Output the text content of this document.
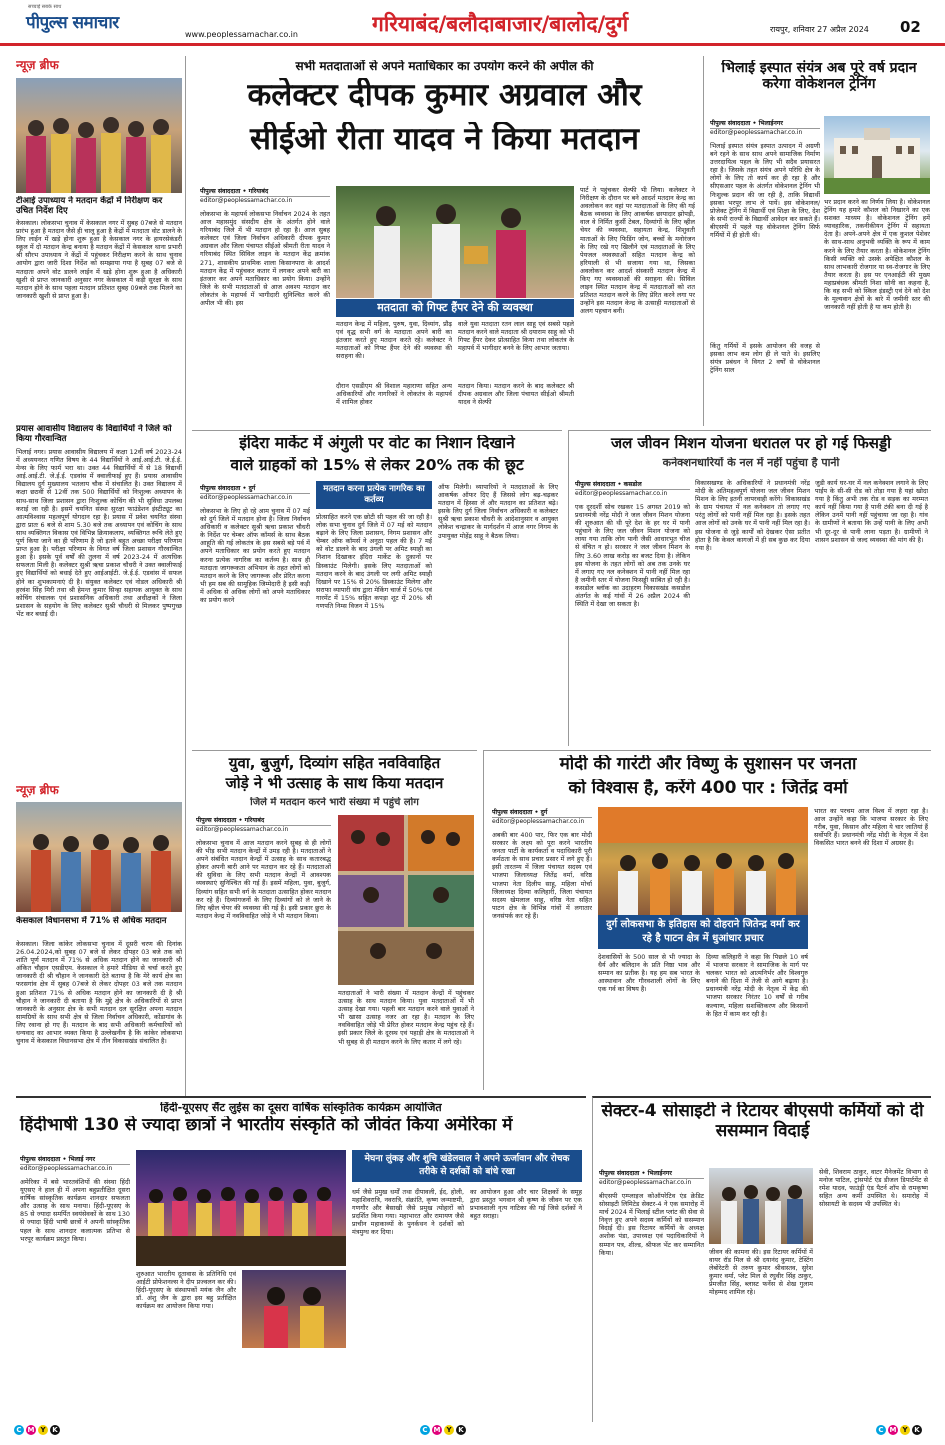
सच्चाई सबके साथ
पीपुल्स समाचार
www.peoplessamachar.co.in	गरियाबंद/बलौदाबाजार/बालोद/दुर्ग	रायपुर, शनिवार 27 अप्रैल 2024	02
न्यूज़ ब्रीफ
टीआई उपाध्याय ने मतदान केंद्रों में निरीक्षण कर उचित निर्देश दिए
केसकाल। लोकसभा चुनाव में केसकाल नगर में सुबह 07बजे से मतदान प्रारंभ हुआ है मतदान जैसे ही चालू हुआ है केंद्रों में मतदाता वोट डालने के लिए लाईन में खड़े होना शुरू हुआ है केसकाल नगर के हायरसेकंडरी स्कूल में दो मतदान केन्द्र बनाया है मतदान केंद्रों में केसकाल थाना प्रभारी श्री सौरभ उपाध्याय ने केंद्रों में पहुंचकर निरीक्षण करने के साथ चुनाव आयोग द्वारा जारी दिशा निर्देश को समझाया गया है सुबह 07 बजे से मतदाता अपने वोट डालने लाईन में खड़े होना शुरू हुआ है अधिकारी खुशी से प्राप्त जानकारी अनुसार नगर केसकाल में कड़ी सुरक्षा के साथ मतदान होने के साथ पहला मतदान प्रतिशत सुबह 09बजे तक मिलने का जानकारी खुशी से प्राप्त हुआ है।
प्रयास आवासीय विद्यालय के विद्यार्थियों ने जिले को किया गौरवान्वित
भिलाई नगर। प्रयास आवासीय विद्यालय में कक्षा 12वीं वर्ष 2023-24 में अध्ययनरत गणित विषय के 44 विद्यार्थियों ने आई.आई.टी. जे.ई.ई. मेन्स के लिए फार्म भरा था। उक्त 44 विद्यार्थियों में से 18 विद्यार्थी आई.आई.टी. जे.ई.ई. एडवांस में क्वालीफाई हुए हैं। प्रयास आवासीय विद्यालय दुर्ग मुख्यालय भतलाय चौक में संचालित है। उक्त विद्यालय में कक्षा छठवीं से 12वीं तक 500 विद्यार्थियों को निःशुल्क अध्यापन के साथ-साथ जिला प्रशासन द्वारा निःशुल्क कोचिंग की भी सुविधा उपलब्ध कराई जा रही है। इसमें चयनित संस्था सुरक्षा फाउंडेशन इंस्टीट्यूट का आत्मविश्वास महत्वपूर्ण योगदान रहा है। प्रयास में प्रवेश चयनित संस्था द्वारा प्रातः 6 बजे से शाम 5.30 बजे तक अध्यापन एवं कोचिंग के साथ साथ व्यक्तिगत विकास एवं विभिन्न क्रियाकलाप, व्यक्तिगत रूचि लेते हुए पूर्ण किया जाने का ही परिणाम है जो इतने बहुत अच्छा परीक्षा परिणाम प्राप्त हुआ है। परीक्षा परिणाम के विगत वर्ष जिला प्रशासन गौरवान्वित हुआ है। इसके पूर्व वर्षों की तुलना में वर्ष 2023-24 में अत्यधिक सफलता मिली है। कलेक्टर सुश्री ऋचा प्रकाश चौधरी ने उक्त क्वालीफाई हुए विद्यार्थियों को बधाई देते हुए आईआईटी. जे.ई.ई. एडवांस में सफल होने का शुभकामनाएं दी है। संयुक्त कलेक्टर एवं नोडल अधिकारी श्री हरवंश सिंह मिरी तथा श्री हेमन्त कुमार सिन्हा सहायक आयुक्त के साथ कोचिंग संचालक एवं प्रशासनिक अधिकारी तथा अधीक्षकों ने जिला प्रशासन के सहयोग के लिए कलेक्टर सुश्री चौधरी से मिलकर पुष्पगुच्छ भेंट कर बधाई दी।
न्यूज़ ब्रीफ
केसकाल विधानसभा में 71% से अधिक मतदान
केसकाल। जिला कांकेर लोकसभा चुनाव में दूसरी चरण की दिनांक 26.04.2024,को सुबह 07 बजे से लेकर दोपहर 03 बजे तक को शांति पूर्ण मतदान में 71% से अधिक मतदान होने का जानकारी श्री अंकित चौहान एसडीएम. केसकाल ने हमारे मीडिया से चर्चा करते हुए जानकारी दी श्री चौहान ने जानकारी देते बताया है कि मेरे कार्य क्षेत्र का फरसगांव क्षेत्र में सुबह 07बजे से लेकर दोपहर 03 बजे तक मतदान हुआ प्रतिशत 71% से अधिक मतदान होने का जानकारी दी है श्री चौहान ने जानकारी दी बताया है कि मुद्दे क्षेत्र के अधिकारियों से प्राप्त जानकारी के अनुसार क्षेत्र के सभी मतदान दल सुरक्षित अपना मतदान सामग्रियों के साथ सभी क्षेत्र से जिला निर्वाचन अधिकारी, कोंडागांव के लिए रवाना हो गए हैं। मतदान के बाद सभी अधिकारी कर्मचारियों को धन्यवाद का आभार व्यक्त किया है उल्लेखनीय है कि कांकेर लोकसभा चुनाव में केसकाल विधानसभा क्षेत्र में तीन विकासखंड संचालित है।
सभी मतदाताओं से अपने मताधिकार का उपयोग करने की अपील की
कलेक्टर दीपक कुमार अग्रवाल और
सीईओ रीता यादव ने किया मतदान
पीपुल्स संवाददाता • गरियाबंद
editor@peoplessamachar.co.in
लोकसभा के महापर्व लोकसभा निर्वाचन 2024 के तहत आज महासमुंद संसदीय क्षेत्र के अंतर्गत होने वाले गरियाबंद जिले में भी मतदान हो रहा है। आज सुबह कलेक्टर एवं जिला निर्वाचन अधिकारी दीपक कुमार अग्रवाल और जिला पंचायत सीईओ श्रीमती रीता यादव ने गरियाबंद स्थित सिविल लाइन के मतदान केंद्र क्रमांक 271, शासकीय प्राथमिक शाला किसानपारा के आदर्श मतदान केंद्र में पहुंचकर कतार में लगकर अपने बारी का इंतजार कर अपने मताधिकार का प्रयोग किया। उन्होंने जिले के सभी मतदाताओं से आज अवश्य मतदान कर लोकतंत्र के महापर्व में भागीदारी सुनिश्चित करने की अपील भी की। इस	मतदाता को गिफ्ट हैंपर देने की व्यवस्था
मतदान केन्द्र में महिला, पुरुष, युवा, दिव्यांग, प्रौढ़ एवं वृद्ध सभी वर्ग के मतदाता अपने बारी का इंतजार करते हुए मतदान करते रहे। कलेक्टर ने मतदाताओं को गिफ्ट हैंपर देने की व्यवस्था की सराहना की।
वाले युवा मतदाता रतन लाल साहू एवं सबसे पहले मतदान करने वाले मतदाता श्री दयाराम साहू को भी गिफ्ट हैंपर देकर प्रोत्साहित किया तथा लोकतंत्र के महापर्व में भागीदार बनने के लिए आभार जताया।
दौरान एसडीएम श्री विशाल महाराणा सहित अन्य अधिकारियों और नागरिकों ने लोकतंत्र के महापर्व में शामिल होकर
मतदान किया। मतदान करने के बाद कलेक्टर श्री दीपक अग्रवाल और जिला पंचायत सीईओ श्रीमती यादव ने सेल्फी
पार्ट ने पहुंचकर सेल्फी भी लिया। कलेक्टर ने निरीक्षण के दौरान पर बने आदर्श मतदान केन्द्र का अवलोकन कर वहां पर मतदाताओं के लिए की गई बैठक व्यवस्था के लिए आकर्षक छायादार झोपड़ी, वाल वे निर्मित कुर्सी टेबल, दिव्यांगों के लिए व्हील चेयर की व्यवस्था, सहायता केन्द्र, शिशुवती माताओं के लिए फिडिंग जोन, बच्चों के मनोरंजन के लिए रखे गए खिलौने एवं मतदाताओं के लिए पेयजल व्यवस्थाओं सहित मतदान केन्द्र को हरियाली से भी सजाया गया था, जिसका अवलोकन कर आदर्श संस्कारी मतदान केन्द्र में किए गए व्यवस्थाओं की सराहना की। सिविल लाइन स्थित मतदान केन्द्र में मतदाताओं को शत प्रतिशत मतदान करने के लिए प्रेरित करने लगा पर उन्होंने इस मतदान केन्द्र के उत्साही मतदाताओं से अलग पहचान बनी।
भिलाई इस्पात संयंत्र अब पूरे वर्ष प्रदान करेगा वोकेशनल ट्रेनिंग
पीपुल्स संवाददाता • भिलाईनगर
editor@peoplessamachar.co.in
भिलाई इस्पात संयंत्र इस्पात उत्पादन में अग्रणी बने रहने के साथ साथ अपने सामाजिक निर्माण उत्तरदायित्व पहल के लिए भी सदैव प्रयासरत रहा है। जिसके तहत संयंत्र अपने परिधि क्षेत्र के लोगों के लिए तो कार्य कर ही रहा है और सीएसआर पहल के अंतर्गत वोकेशनल ट्रेनिंग भी निःशुल्क प्रदान की जा रही है, ताकि विद्यार्थी इसका भरपूर लाभ ले पायें। इस वोकेशनल/प्रोजेक्ट ट्रेनिंग में विद्यार्थी एवं शिक्षा के लिए, देश के सभी राज्यों के विद्यार्थी आवेदन कर सकते हैं। बीएसपी में पहले यह वोकेशनल ट्रेनिंग सिर्फ गर्मियों में ही होती थी।
किंतु गर्मियों में इसके आयोजन की वजह से इसका लाभ कम लोग ही ले पाते थे। इसलिए संयंत्र प्रबंधन ने विगत 2 वर्षों से वोकेशनल ट्रेनिंग साल
भर प्रदान करने का निर्णय लिया है। वोकेशनल ट्रेनिंग यह हमारे कौशल को निखारने का एक सशक्त माध्यम है। वोकेशनल ट्रेनिंग हमें व्यावहारिक, तकनीकीयन ट्रेनिंग में सहायता देता है। अपने-अपने क्षेत्र में एक कुशल पेशेवर के साथ-साथ अनुभवी व्यक्ति के रूप में काम करने के लिए तैयार करता है। वोकेशनल ट्रेनिंग किसी व्यक्ति को उसके अपेक्षित कौशल के साथ लाभकारी रोजगार या स्व-रोजगार के लिए तैयार करता है। इस पर एनआईटी की मुख्य महाप्रबंधक श्रीमती निशा सोनी का कहना है, कि वह सभी को स्किल इंडस्ट्री एवं देने को देश के मूल्यवान क्षेत्रों के बारे में जमीनी स्तर की जानकारी नहीं होती है या कम होती है।
इंदिरा मार्केट में अंगुली पर वोट का निशान दिखाने
वाले ग्राहकों को 15% से लेकर 20% तक की छूट
पीपुल्स संवाददाता • दुर्ग
editor@peoplessamachar.co.in
मतदान करना प्रत्येक नागरिक का कर्तव्य
लोकसभा के लिए हो रहे आम चुनाव में 07 मई को दुर्ग जिले में मतदान होना है। जिला निर्वाचन अधिकारी व कलेक्टर सुश्री ऋचा प्रकाश चौधरी के निर्देश पर चेम्बर ऑफ कॉमर्स के साथ बैठक आहूति की गई लोकतंत्र के इस सबसे बड़े पर्व में अपने मताधिकार का प्रयोग करते हुए मतदान करना प्रत्येक नागरिक का कर्तव्य है। साथ ही मतदाता जागरूकता अभियान के तहत लोगों को मतदान करने के लिए जागरूक और प्रेरित करना भी हम सब की सामूहिक जिम्मेदारी है इसी कड़ी में अधिक से अधिक लोगों को अपने मताधिकार का प्रयोग करने
प्रोत्साहित करने एक छोटी सी पहल की जा रही है। लोक सभा चुनाव दुर्ग जिले में 07 मई को मतदान बढ़ाने के लिए जिला प्रशासन, निगम प्रशासन और चेम्बर ऑफ कॉमर्स ने अनूठा पहल की है। 7 मई को वोट डालने के बाद उंगली पर अमिट स्याही का निशान दिखाकर इंदिरा मार्केट के दुकानों पर डिस्काउंट मिलेगी। इसके लिए मतदाताओं को मतदान करने के बाद उंगली पर लगी अमिट स्याही दिखाने पर 15% से 20% डिस्काउंट मिलेगा और सराफा व्यापारी संघ द्वारा मेकिंग चार्ज में 50% एवं गारमेंट में 15% सहित कपड़ा शूट में 20% श्री गणपति निम्स विजन में 15%
ऑफ मिलेगी। व्यापारियों ने मतदाताओं के लिए आकर्षक ऑफर दिए हैं जिससे लोग बढ़-चढ़कर मतदान में हिस्सा लें और मतदान का प्रतिशत बढ़े। इसके लिए दुर्ग जिला निर्वाचन अधिकारी व कलेक्टर सुश्री ऋचा प्रकाश चौधरी के आदेशानुसार व आयुक्त लोकेश चन्द्राकर के मार्गदर्शन में आज नगर निगम के उपायुक्त मोहेंद्र साहू ने बैठक लिया।
जल जीवन मिशन योजना धरातल पर हो गई फिसड्डी
कनेक्शनधारियों के नल में नहीं पहुंचा है पानी
पीपुल्स संवाददाता • कसडोल
editor@peoplessamachar.co.in
एक दूरदर्शी सोच रखकर 15 अगस्त 2019 को प्रधानमंत्री नरेंद्र मोदी ने जल जीवन मिशन योजना की शुरुआत की थी पूरे देश के हर घर में पानी पहुंचाने के लिए जल जीवन मिशन योजना को लाया गया ताकि लोग पानी जैसी आधारभूत चीज से वंचित न हो। सरकार ने जल जीवन मिशन के लिए 3.60 लाख करोड़ का बजट दिया है। लेकिन इस योजना के तहत लोगों को अब तक उनके घर में लगाए गए नल कनेक्शन में पानी नहीं मिल रहा है जमीनी स्तर में योजना फिसड्डी साबित हो रही है। कसडोल ब्लॉक का उदाहरण विकासखंड कसडोल अंतर्गत के कई गांवों में 26 अप्रैल 2024 की स्थिति में देखा जा सकता है।
विकासखण्ड के अधिकारियों ने प्रधानमंत्री नरेंद्र मोदी के अतिमहत्वपूर्ण योजना जल जीवन मिशन मिशन के लिए इतनी लापरवाही करेंगे। विकासखंड के ग्राम पंचायत में नल कनेक्शन तो लगाए गए परंतु लोगों को पानी नहीं मिल रहा है। इसके तहत आज लोगों को उनके घर में पानी नहीं मिल रहा है। इस योजना से जुड़े कार्यों को देखकर ऐसा प्रतीत होता है कि केवल कागजों में ही सब कुछ कर दिया गया है।
जुडी कार्य घर-घर में नल कनेक्शन लगाने के लिए पाईप के सी-सी रोड को तोड़ा गया है यहां खोदा गया है किंतु अभी तक रोड व सड़क का मरम्मत कार्य नहीं किया गया है पानी टंकी बना दी गई है लेकिन उनमें पानी नहीं पहुंचाया जा रहा है। गांव के ग्रामीणों ने बताया कि उन्हें पानी के लिए अभी भी दूर-दूर से पानी लाना पड़ता है। ग्रामीणों ने शासन प्रशासन से जल्द व्यवस्था की मांग की है।
युवा, बुजुर्ग, दिव्यांग सहित नवविवाहित
जोड़े ने भी उत्साह के साथ किया मतदान
जिले में मतदान करने भारी संख्या में पहुंचे लोग
पीपुल्स संवाददाता • गरियाबंद
editor@peoplessamachar.co.in
लोकसभा चुनाव में आज मतदान करने सुबह से ही लोगों की भीड़ सभी मतदान केन्द्रों में उमड़ रही है। मतदाताओं ने अपने संबंधित मतदान केन्द्रों में उत्साह के साथ कतारबद्ध होकर अपनी बारी आने पर मतदान कर रहे हैं। मतदाताओं की सुविधा के लिए सभी मतदान केन्द्रों में आवश्यक व्यवस्थाएं सुनिश्चित की गई हैं। इसमें महिला, युवा, बुजुर्ग, दिव्यांग सहित सभी वर्ग के मतदाता उत्साहित होकर मतदान कर रहे हैं। दिव्यांगजनों के लिए दिव्यांगों को ले जाने के लिए व्हील चेयर की व्यवस्था की गई है। इसी प्रकार छुरा के मतदान केन्द्र में नवविवाहित जोड़े ने भी मतदान किया।
मतदाताओं ने भारी संख्या में मतदान केन्द्रों में पहुंचकर उत्साह के साथ मतदान किया। युवा मतदाताओं में भी उत्साह देखा गया। पहली बार मतदान करने वाले युवाओं ने भी खासा उत्साह नजर आ रहा है। मतदान के लिए नवविवाहित जोड़े भी प्रेरित होकर मतदान केन्द्र पहुंच रहे हैं। इसी प्रकार जिले के दूरस्थ एवं पहाड़ी क्षेत्र के मतदाताओं ने भी सुबह से ही मतदान करने के लिए कतार में लगे रहे।
मोदी की गारंटी और विष्णु के सुशासन पर जनता
को विश्वास है, करेंगे 400 पार : जितेंद्र वर्मा
पीपुल्स संवाददाता • दुर्ग
editor@peoplessamachar.co.in
अबकी बार 400 पार, फिर एक बार मोदी सरकार के लक्ष्य को पूरा करने भारतीय जनता पार्टी के कार्यकर्ता व पदाधिकारी पूरी कर्मठता के साथ प्रचार प्रसार में लगे हुए हैं। इसी तारतम्य में जिला पंचायत सदस्य एवं भाजपा जिलाध्यक्ष जितेंद्र वर्मा, वरिष्ठ भाजपा नेता दिलीप साहू, महिला मोर्चा जिलाध्यक्ष दिव्या कलिहारी, जिला पंचायत सदस्य खेमलाल साहू, वरिष्ठ नेता सहित पाटन क्षेत्र के विभिन्न गांवों में लगातार जनसंपर्क कर रहे हैं।
दुर्ग लोकसभा के इतिहास को दोहराने जितेन्द्र वर्मा कर रहे है पाटन क्षेत्र में धुआंधार प्रचार
देशवासियों के 500 साल से भी ज्यादा के धैर्य और बलिदान के प्रति निष्ठा भाव और सम्मान का प्रतीक है। यह हम सब भारत के आस्थावान और गौरवशाली लोगों के लिए एक गर्व का विषय है।
दिव्या कलिहारी ने कहा कि पिछले 10 वर्ष में भाजपा सरकार ने सामाजिक के मार्ग पर चलकर भारत को आत्मनिर्भर और विश्वगुरु बनाने की दिशा में तेजी से आगे बढ़ाया है। प्रधानमंत्री नरेंद्र मोदी के नेतृत्व में केंद्र की भाजपा सरकार निरंतर 10 वर्षों से गरीब कल्याण, महिला सशक्तिकरण और किसानों के हित में काम कर रही है।
भारत का परचम आज विश्व में लहरा रहा है। आज उन्होंने कहा कि भाजपा सरकार के लिए गरीब, युवा, किसान और महिला ये चार जातियां हैं सर्वोपरि हैं। प्रधानमंत्री नरेंद्र मोदी के नेतृत्व में देश विकसित भारत बनने की दिशा में अग्रसर है।
हिंदी-यूएसए सैंट लुईस का दूसरा वार्षिक सांस्कृतिक कार्यक्रम आयोजित
हिंदीभाषी 130 से ज्यादा छात्रों ने भारतीय संस्कृति को जीवंत किया अमेरिका में
पीपुल्स संवाददाता • भिलाई नगर
editor@peoplessamachar.co.in
अमेरिका में बसे भारतवंशियों की संस्था हिंदी यूएसए ने हाल ही में अपना बहुप्रतीक्षित दूसरा वार्षिक सांस्कृतिक कार्यक्रम शानदार सफलता और उत्साह के साथ मनाया। हिंदी-यूएसए के 85 से ज्यादा समर्पित स्वयंसेवकों के साथ 130 से ज्यादा हिंदी भाषी छात्रों ने अपनी सांस्कृतिक पहल के साथ शानदार कलात्मक प्रतिभा से भरपूर कार्यक्रम प्रस्तुत किया।
शुरुआत भारतीय दूतावास के प्रतिनिधि एवं आईटी प्रोफेशनल्स ने दीप प्रज्वलन कर की। हिंदी-यूएसए के संस्थापकों मयंक जैन और डॉ. अंशु जैन के द्वारा इस बहु प्रतीक्षित कार्यक्रम का आयोजन किया गया।
मेघना लुंकड़ और शुचि खंडेलवाल ने अपने ऊर्जावान और रोचक तरीके से दर्शकों को बांधे रखा
धर्म जैसे प्रमुख धर्मों तथा दीपावली, ईद, होली, महाशिवरात्रि, नवरात्रि, संक्रांति, कृष्ण जन्माष्टमी, गणगौर और बैसाखी जैसे प्रमुख त्योहारों को प्रदर्शित किया गया। महाभारत और रामायण जैसे प्राचीन महाकाव्यों के पुनर्कथन ने दर्शकों को मंत्रमुग्ध कर दिया।
का आयोजन हुआ और चार शिक्षकों के समूह द्वारा प्रस्तुत भगवान श्री कृष्ण के जीवन पर एक प्रभावशाली नृत्य नाटिका की गई जिसे दर्शकों ने बहुत सराहा।
सेक्टर-4 सोसाइटी ने रिटायर बीएसपी कर्मियों को दी ससम्मान विदाई
पीपुल्स संवाददाता • भिलाईनगर
editor@peoplessamachar.co.in
बीएसपी एम्प्लाइज कोऑपरेटिव एंड क्रेडिट सोसाइटी लिमिटेड सेक्टर-4 ने एक समारोह में मार्च 2024 में भिलाई स्टील प्लांट की सेवा से निवृत्त हुए अपने सदस्य कर्मियों को ससम्मान विदाई दी। इस रिटायर कर्मियों के अध्यक्ष अशोक पंडा, उपाध्यक्ष एवं पदाधिकारियों ने सम्मान पत्र, शील्ड, श्रीफल भेंट कर सम्मानित किया।	जीवन की कामना की। इस रिटायर कर्मियों में वायर रॉड मिल से श्री दयानंद कुमार, टेस्टिंग लेबोरेटरी से तरुण कुमार श्रीवास्तव, सुरेश कुमार वर्मा, प्लेट मिल से रघुवीर सिंह ठाकुर, प्रेमजीत सिंह, ब्लास्ट फर्नेस से शेख गुलाम मोहम्मद शामिल रहे।
सेवी, शिवराम ठाकुर, वाटर मैनेजमेंट विभाग से मनोज पाटिल, ट्रांसपोर्ट एंड डीजल डिपार्टमेंट से रमेश यादव, फाउंड्री एंड पैटर्न शॉप से रामकृष्ण सहित अन्य कर्मी उपस्थित थे। समारोह में सोसायटी के सदस्य भी उपस्थित थे।
C M Y K	C M Y K	C M Y K
